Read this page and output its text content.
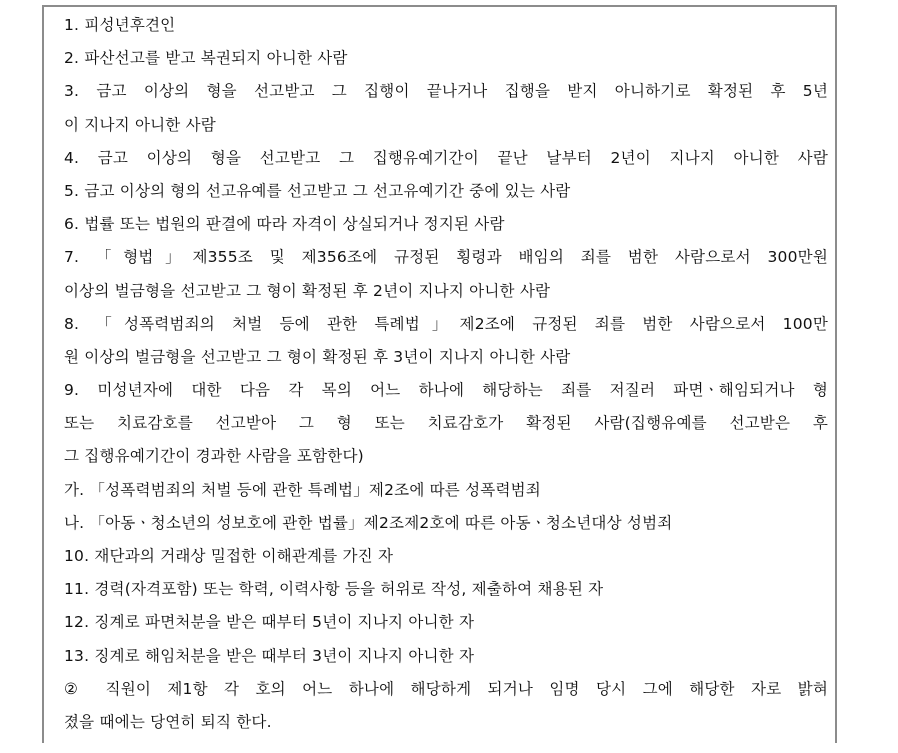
1. 피성년후견인
2. 파산선고를 받고 복권되지 아니한 사람
3. 금고 이상의 형을 선고받고 그 집행이 끝나거나 집행을 받지 아니하기로 확정된 후 5년
이 지나지 아니한 사람
4. 금고 이상의 형을 선고받고 그 집행유예기간이 끝난 날부터 2년이 지나지 아니한 사람
5. 금고 이상의 형의 선고유예를 선고받고 그 선고유예기간 중에 있는 사람
6. 법률 또는 법원의 판결에 따라 자격이 상실되거나 정지된 사람
7. 「형법」제355조 및 제356조에 규정된 횡령과 배임의 죄를 범한 사람으로서 300만원
이상의 벌금형을 선고받고 그 형이 확정된 후 2년이 지나지 아니한 사람
8. 「성폭력범죄의 처벌 등에 관한 특례법」제2조에 규정된 죄를 범한 사람으로서 100만
원 이상의 벌금형을 선고받고 그 형이 확정된 후 3년이 지나지 아니한 사람
9. 미성년자에 대한 다음 각 목의 어느 하나에 해당하는 죄를 저질러 파면ㆍ해임되거나 형
또는 치료감호를 선고받아 그 형 또는 치료감호가 확정된 사람(집행유예를 선고받은 후
그 집행유예기간이 경과한 사람을 포함한다)
가. 「성폭력범죄의 처벌 등에 관한 특례법」제2조에 따른 성폭력범죄
나. 「아동ㆍ청소년의 성보호에 관한 법률」제2조제2호에 따른 아동ㆍ청소년대상 성범죄
10. 재단과의 거래상 밀접한 이해관계를 가진 자
11. 경력(자격포함) 또는 학력, 이력사항 등을 허위로 작성, 제출하여 채용된 자
12. 징계로 파면처분을 받은 때부터 5년이 지나지 아니한 자
13. 징계로 해임처분을 받은 때부터 3년이 지나지 아니한 자
② 직원이 제1항 각 호의 어느 하나에 해당하게 되거나 임명 당시 그에 해당한 자로 밝혀
졌을 때에는 당연히 퇴직 한다.
